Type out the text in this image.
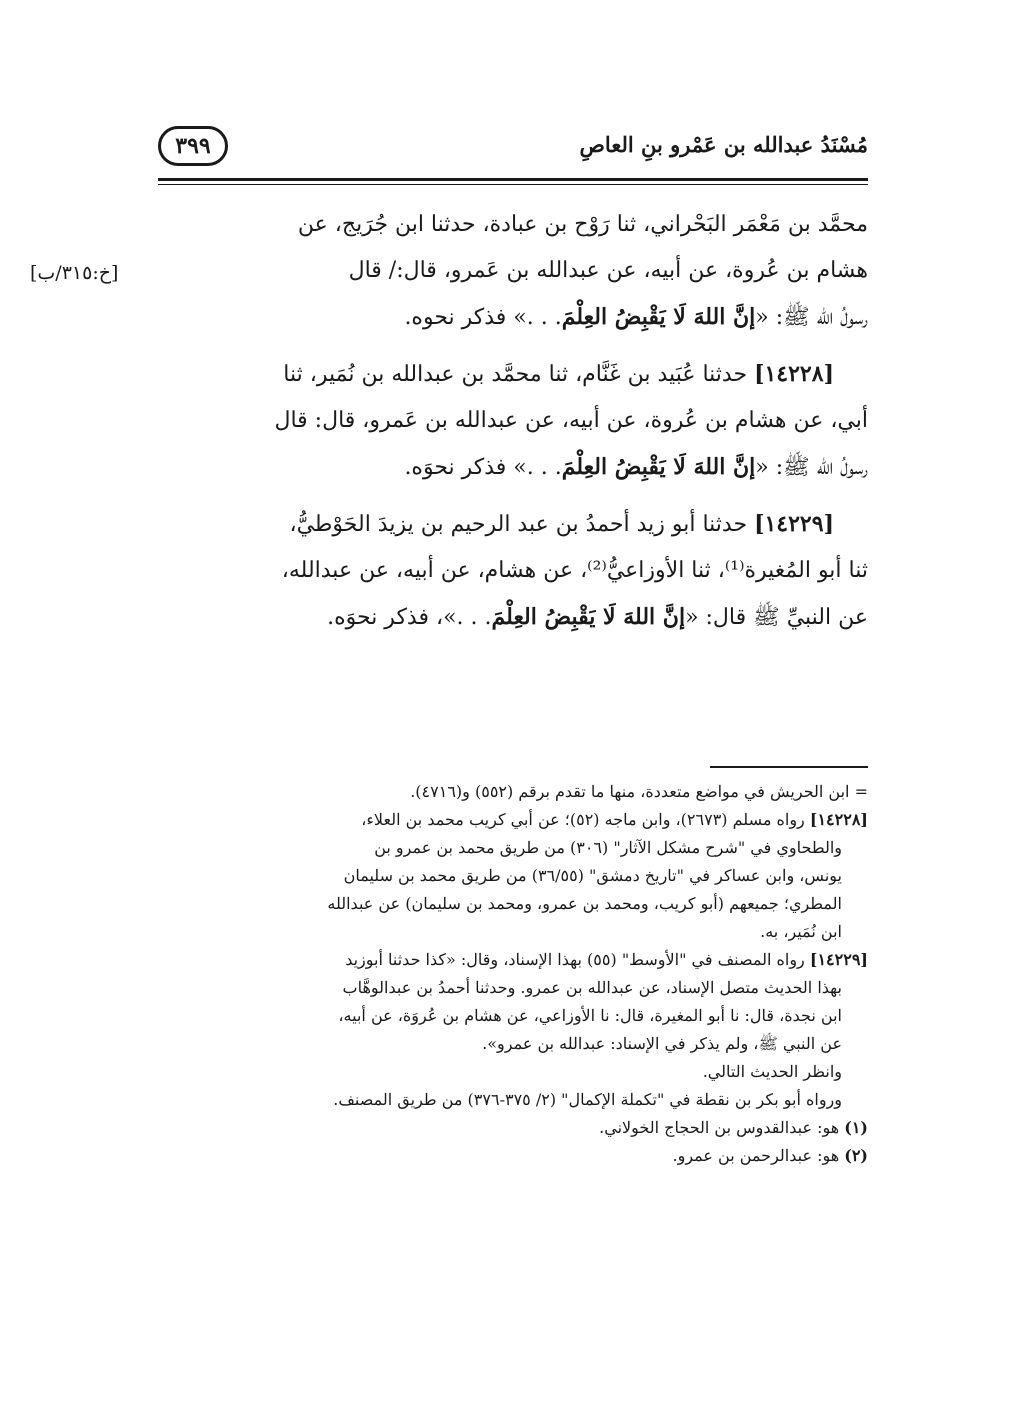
٣٩٩	مُسْنَدُ عبدالله بن عَمْرو بنِ العاصِ
[خ:٣١٥/ب]

محمَّد بن مَعْمَر البَحْراني، ثنا رَوْح بن عبادة، حدثنا ابن جُرَيج، عن
هشام بن عُروة، عن أبيه، عن عبدالله بن عَمرو، قال:/ قال
رسولُ الله ﷺ: «إنَّ اللهَ لَا يَقْبِضُ العِلْمَ. . .» فذكر نحوه.

[١٤٢٢٨] حدثنا عُبَيد بن غَنَّام، ثنا محمَّد بن عبدالله بن نُمَير، ثنا
أبي، عن هشام بن عُروة، عن أبيه، عن عبدالله بن عَمرو، قال: قال
رسولُ الله ﷺ: «إنَّ اللهَ لَا يَقْبِضُ العِلْمَ. . .» فذكر نحوَه.

[١٤٢٢٩] حدثنا أبو زيد أحمدُ بن عبد الرحيم بن يزيدَ الحَوْطيُّ،
ثنا أبو المُغيرة⁽¹⁾، ثنا الأوزاعيُّ⁽²⁾، عن هشام، عن أبيه، عن عبدالله،
عن النبيِّ ﷺ قال: «إنَّ اللهَ لَا يَقْبِضُ العِلْمَ. . .»، فذكر نحوَه.

= ابن الحريش في مواضع متعددة، منها ما تقدم برقم (٥٥٢) و(٤٧١٦).

[١٤٢٢٨] رواه مسلم (٢٦٧٣)، وابن ماجه (٥٢)؛ عن أبي كريب محمد بن العلاء،

والطحاوي في "شرح مشكل الآثار" (٣٠٦) من طريق محمد بن عمرو بن

يونس، وابن عساكر في "تاريخ دمشق" (٣٦/٥٥) من طريق محمد بن سليمان

المطري؛ جميعهم (أبو كريب، ومحمد بن عمرو، ومحمد بن سليمان) عن عبدالله

ابن نُمَير، به.

[١٤٢٢٩] رواه المصنف في "الأوسط" (٥٥) بهذا الإسناد، وقال: «كذا حدثنا أبوزيد

بهذا الحديث متصل الإسناد، عن عبدالله بن عمرو. وحدثنا أحمدُ بن عبدالوهَّاب

ابن نجدة، قال: نا أبو المغيرة، قال: نا الأوزاعي، عن هشام بن عُروَة، عن أبيه،

عن النبي ﷺ، ولم يذكر في الإسناد: عبدالله بن عمرو».

وانظر الحديث التالي.

ورواه أبو بكر بن نقطة في "تكملة الإكمال" (٢/ ٣٧٥-٣٧٦) من طريق المصنف.

(١) هو: عبدالقدوس بن الحجاج الخولاني.

(٢) هو: عبدالرحمن بن عمرو.
